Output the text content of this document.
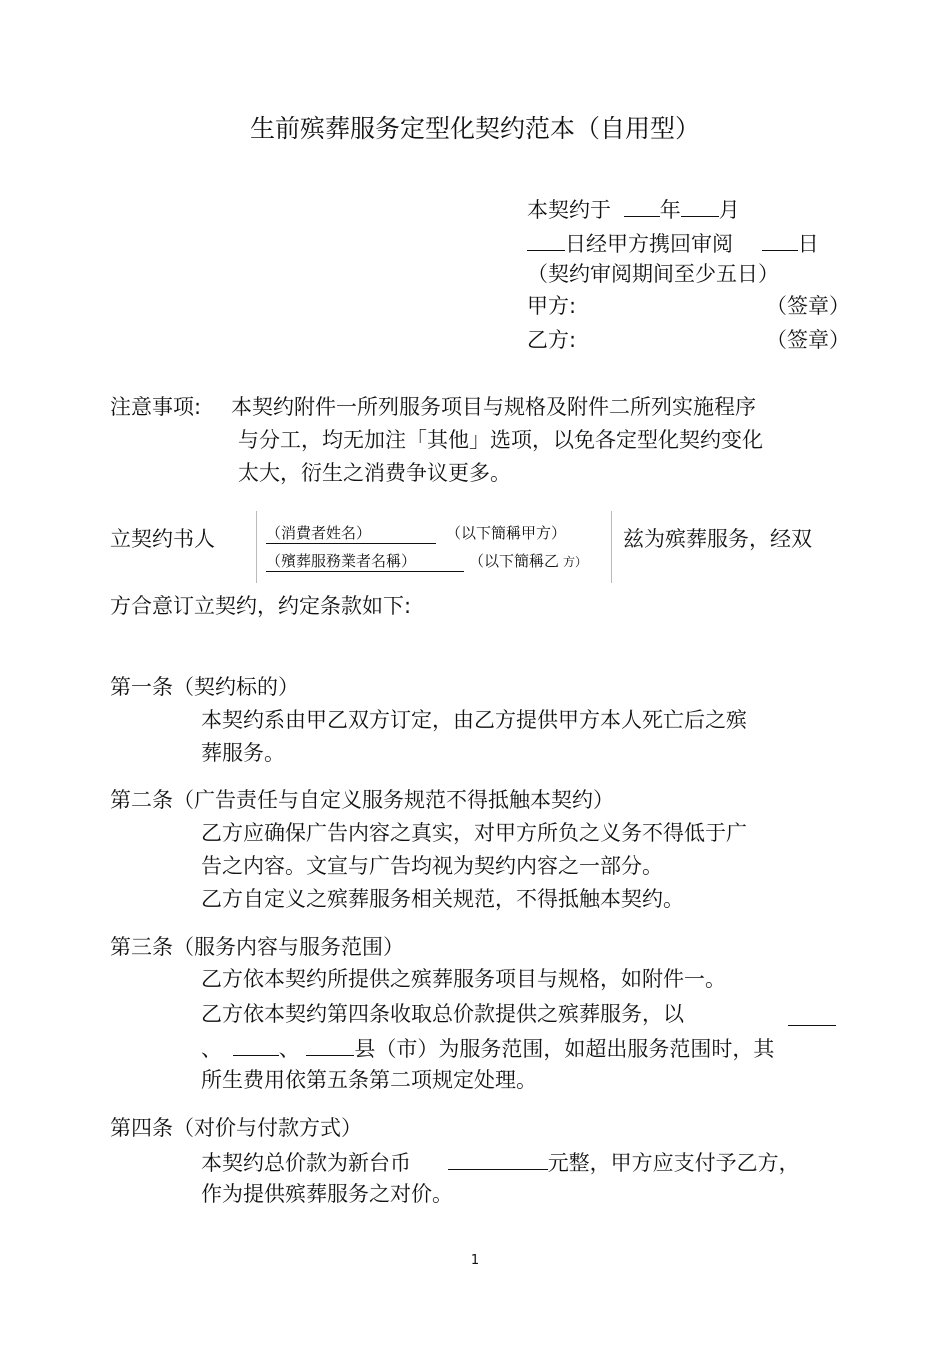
生前殡葬服务定型化契约范本（自用型）
本契约于 年 月
日经甲方携回审阅	日
（契约审阅期间至少五日）
甲方:	（签章）
乙方:	（签章）
注意事项: 本契约附件一所列服务项目与规格及附件二所列实施程序
与分工，均无加注「其他」选项，以免各定型化契约变化
太大，衍生之消费争议更多。
立契约书人	（消費者姓名）	（以下簡稱甲方）
（殯葬服務業者名稱）	（以下簡稱乙 方）
兹为殡葬服务，经双
方合意订立契约，约定条款如下:
第一条（契约标的）
本契约系由甲乙双方订定，由乙方提供甲方本人死亡后之殡
葬服务。
第二条（广告责任与自定义服务规范不得抵触本契约）
乙方应确保广告内容之真实，对甲方所负之义务不得低于广
告之内容。文宣与广告均视为契约内容之一部分。
乙方自定义之殡葬服务相关规范，不得抵触本契约。
第三条（服务内容与服务范围）
乙方依本契约所提供之殡葬服务项目与规格，如附件一。
乙方依本契约第四条收取总价款提供之殡葬服务，以
、	、	县（市）为服务范围，如超出服务范围时，其
所生费用依第五条第二项规定处理。
第四条（对价与付款方式）
本契约总价款为新台币	元整，甲方应支付予乙方，
作为提供殡葬服务之对价。
1
